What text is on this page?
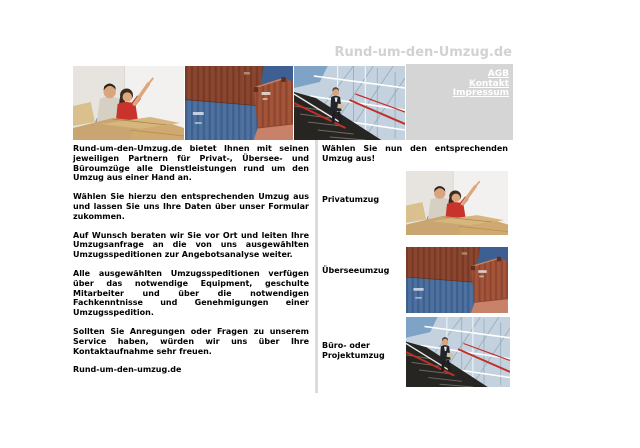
Rund-um-den-Umzug.de
AGB
Kontakt
Impressum

Rund-um-den-Umzug.de bietet Ihnen mit seinen jeweiligen Partnern für Privat-, Übersee- und Büroumzüge alle Dienstleistungen rund um den Umzug aus einer Hand an.

Wählen Sie hierzu den entsprechenden Umzug aus und lassen Sie uns Ihre Daten über unser Formular zukommen.

Auf Wunsch beraten wir Sie vor Ort und leiten Ihre Umzugsanfrage an die von uns ausgewählten Umzugsspeditionen zur Angebotsanalyse weiter.

Alle ausgewählten Umzugsspeditionen verfügen über das notwendige Equipment, geschulte Mitarbeiter und über die notwendigen Fachkenntnisse und Genehmigungen einer Umzugsspedition.

Sollten Sie Anregungen oder Fragen zu unserem Service haben, würden wir uns über Ihre Kontaktaufnahme sehr freuen.

Rund-um-den-umzug.de

Wählen Sie nun den entsprechenden Umzug aus!
Privatumzug
Überseeumzug
Büro- oder Projektumzug
